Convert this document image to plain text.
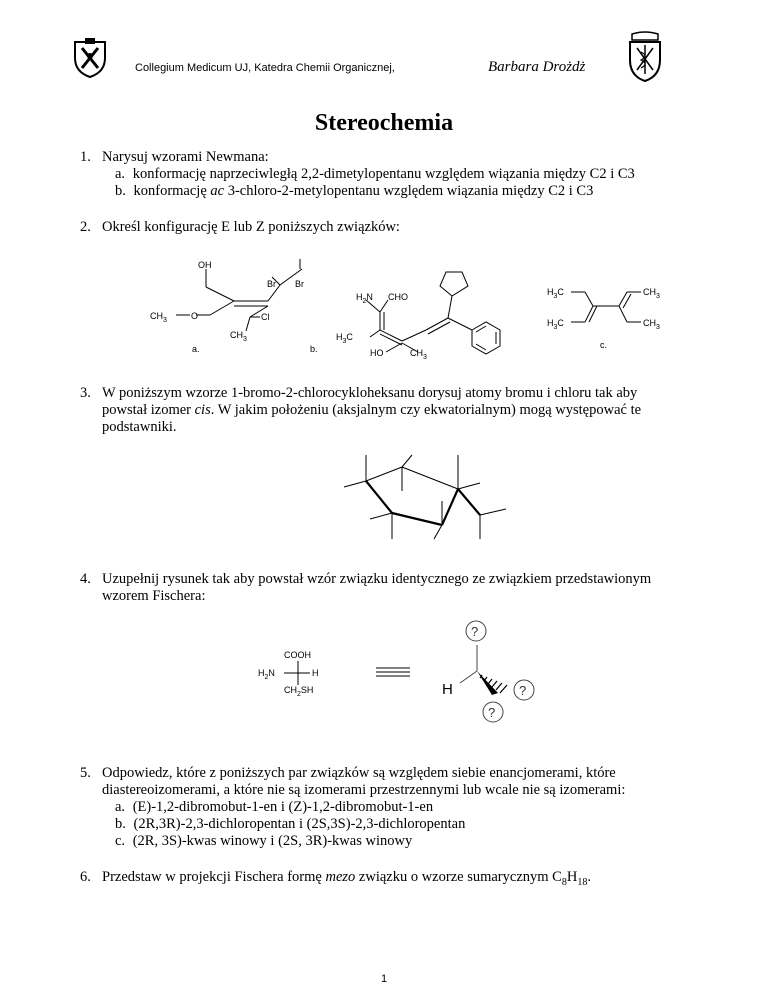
Collegium Medicum UJ, Katedra Chemii Organicznej,	Barbara Drożdż
Stereochemia
1. Narysuj wzorami Newmana:
a. konformację naprzeciwległą 2,2-dimetylopentanu względem wiązania między C2 i C3
b. konformację ac 3-chloro-2-metylopentanu względem wiązania między C2 i C3
2. Określ konfigurację E lub Z poniższych związków:
OH
Br
Br
$CH_3$	O	Cl
$CH_3$
a.
$H_2N$ CHO
$H_3C$
HO	$CH_3$
b.
$H_3C$	$CH_3$
$H_3C$	$CH_3$
c.
3. W poniższym wzorze 1-bromo-2-chlorocykloheksanu dorysuj atomy bromu i chloru tak aby
powstał izomer cis. W jakim położeniu (aksjalnym czy ekwatorialnym) mogą występować te
podstawniki.
4. Uzupełnij rysunek tak aby powstał wzór związku identycznego ze związkiem przedstawionym
wzorem Fischera:
COOH
$H_2N$	H
$CH_2SH$
?
?
?
H
5. Odpowiedz, które z poniższych par związków są względem siebie enancjomerami, które
diastereoizomerami, a które nie są izomerami przestrzennymi lub wcale nie są izomerami:
a. (E)-1,2-dibromobut-1-en i (Z)-1,2-dibromobut-1-en
b. (2R,3R)-2,3-dichloropentan i (2S,3S)-2,3-dichloropentan
c. (2R, 3S)-kwas winowy i (2S, 3R)-kwas winowy
6. Przedstaw w projekcji Fischera formę mezo związku o wzorze sumarycznym $C_8H_{18}$.
1
